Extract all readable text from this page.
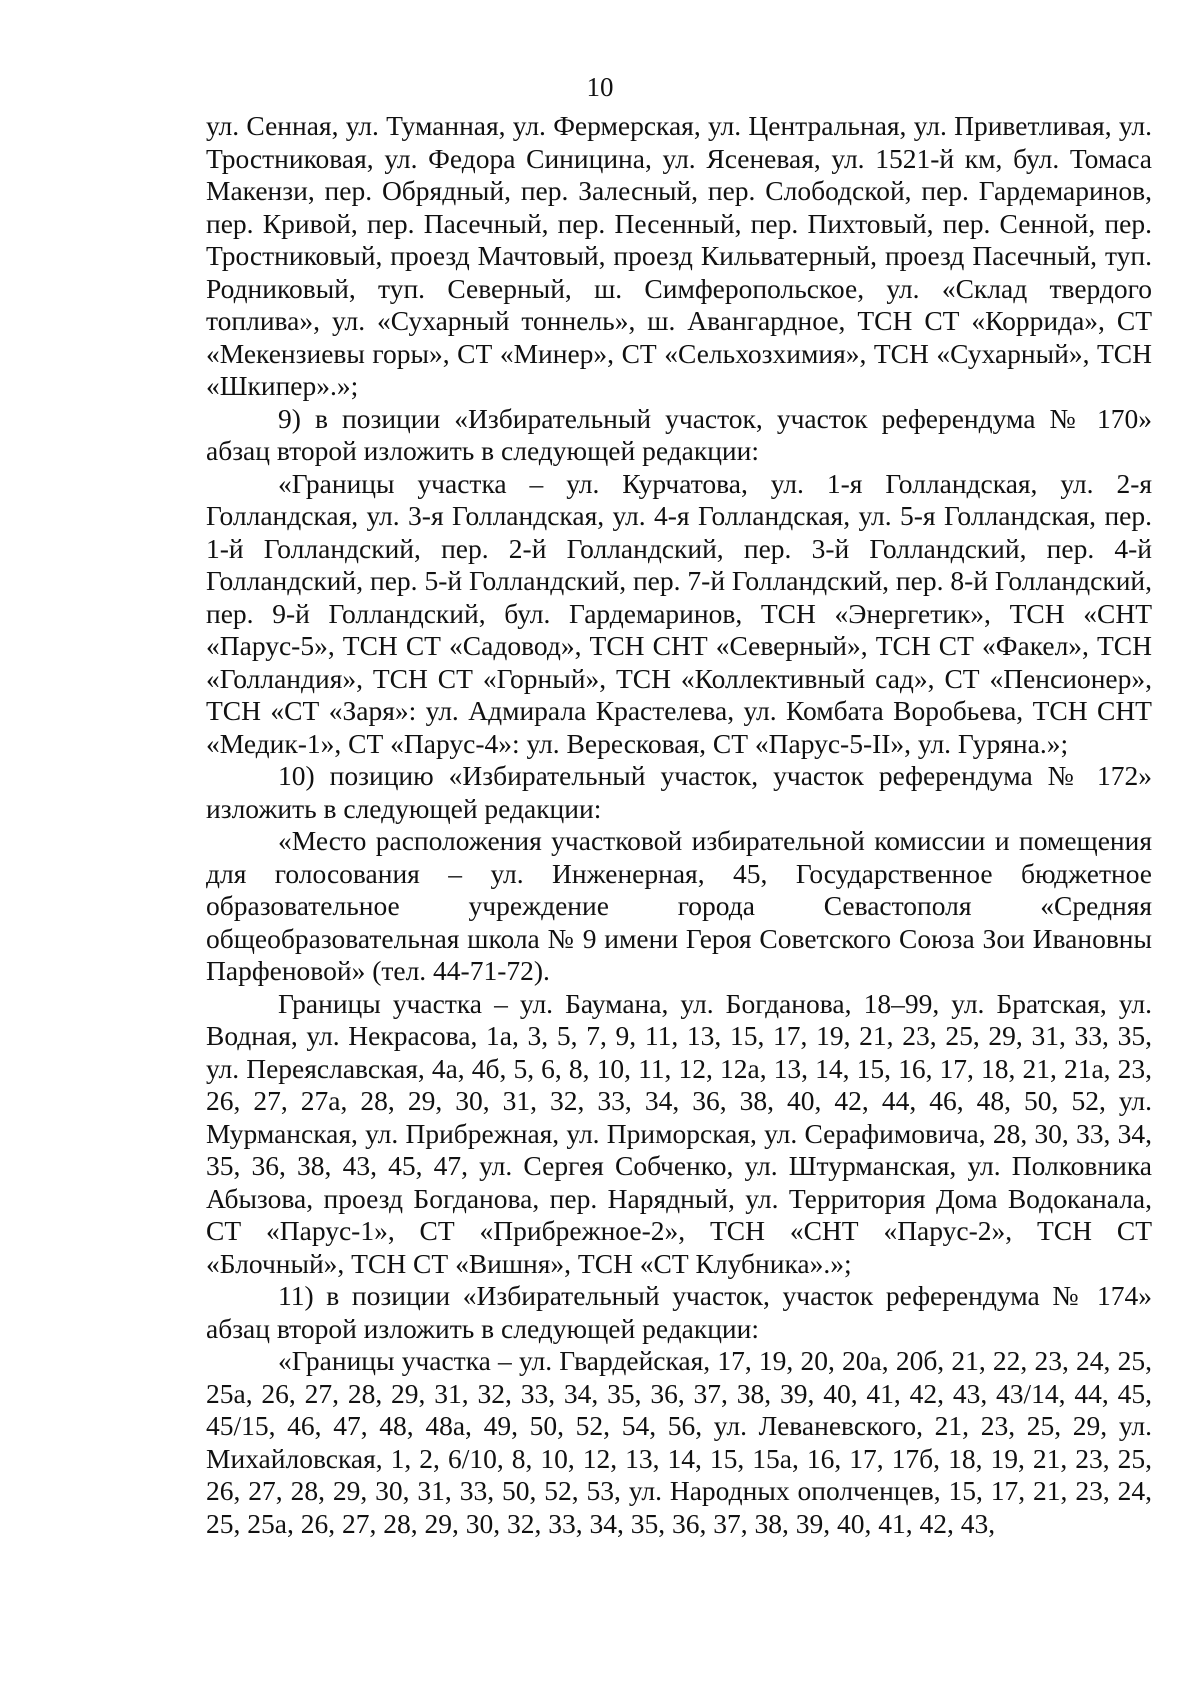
10

ул. Сенная, ул. Туманная, ул. Фермерская, ул. Центральная, ул. Приветливая, ул. Тростниковая, ул. Федора Синицина, ул. Ясеневая, ул. 1521-й км, бул. Томаса Макензи, пер. Обрядный, пер. Залесный, пер. Слободской, пер. Гардемаринов, пер. Кривой, пер. Пасечный, пер. Песенный, пер. Пихтовый, пер. Сенной, пер. Тростниковый, проезд Мачтовый, проезд Кильватерный, проезд Пасечный, туп. Родниковый, туп. Северный, ш. Симферопольское, ул. «Склад твердого топлива», ул. «Сухарный тоннель», ш. Авангардное, ТСН СТ «Коррида», СТ «Мекензиевы горы», СТ «Минер», СТ «Сельхозхимия», ТСН «Сухарный», ТСН «Шкипер».»;

9) в позиции «Избирательный участок, участок референдума № 170» абзац второй изложить в следующей редакции:

«Границы участка – ул. Курчатова, ул. 1-я Голландская, ул. 2-я Голландская, ул. 3-я Голландская, ул. 4-я Голландская, ул. 5-я Голландская, пер. 1-й Голландский, пер. 2-й Голландский, пер. 3-й Голландский, пер. 4-й Голландский, пер. 5-й Голландский, пер. 7-й Голландский, пер. 8-й Голландский, пер. 9-й Голландский, бул. Гардемаринов, ТСН «Энергетик», ТСН «СНТ «Парус-5», ТСН СТ «Садовод», ТСН СНТ «Северный», ТСН СТ «Факел», ТСН «Голландия», ТСН СТ «Горный», ТСН «Коллективный сад», СТ «Пенсионер», ТСН «СТ «Заря»: ул. Адмирала Крастелева, ул. Комбата Воробьева, ТСН СНТ «Медик-1», СТ «Парус-4»: ул. Вересковая, СТ «Парус-5-II», ул. Гуряна.»;

10) позицию «Избирательный участок, участок референдума № 172» изложить в следующей редакции:

«Место расположения участковой избирательной комиссии и помещения для голосования – ул. Инженерная, 45, Государственное бюджетное образовательное учреждение города Севастополя «Средняя общеобразовательная школа № 9 имени Героя Советского Союза Зои Ивановны Парфеновой» (тел. 44-71-72).

Границы участка – ул. Баумана, ул. Богданова, 18–99, ул. Братская, ул. Водная, ул. Некрасова, 1а, 3, 5, 7, 9, 11, 13, 15, 17, 19, 21, 23, 25, 29, 31, 33, 35, ул. Переяславская, 4а, 4б, 5, 6, 8, 10, 11, 12, 12а, 13, 14, 15, 16, 17, 18, 21, 21а, 23, 26, 27, 27а, 28, 29, 30, 31, 32, 33, 34, 36, 38, 40, 42, 44, 46, 48, 50, 52, ул. Мурманская, ул. Прибрежная, ул. Приморская, ул. Серафимовича, 28, 30, 33, 34, 35, 36, 38, 43, 45, 47, ул. Сергея Собченко, ул. Штурманская, ул. Полковника Абызова, проезд Богданова, пер. Нарядный, ул. Территория Дома Водоканала, СТ «Парус-1», СТ «Прибрежное-2», ТСН «СНТ «Парус-2», ТСН СТ «Блочный», ТСН СТ «Вишня», ТСН «СТ Клубника».»;

11) в позиции «Избирательный участок, участок референдума № 174» абзац второй изложить в следующей редакции:

«Границы участка – ул. Гвардейская, 17, 19, 20, 20а, 20б, 21, 22, 23, 24, 25, 25а, 26, 27, 28, 29, 31, 32, 33, 34, 35, 36, 37, 38, 39, 40, 41, 42, 43, 43/14, 44, 45, 45/15, 46, 47, 48, 48а, 49, 50, 52, 54, 56, ул. Леваневского, 21, 23, 25, 29, ул. Михайловская, 1, 2, 6/10, 8, 10, 12, 13, 14, 15, 15а, 16, 17, 17б, 18, 19, 21, 23, 25, 26, 27, 28, 29, 30, 31, 33, 50, 52, 53, ул. Народных ополченцев, 15, 17, 21, 23, 24, 25, 25а, 26, 27, 28, 29, 30, 32, 33, 34, 35, 36, 37, 38, 39, 40, 41, 42, 43,
